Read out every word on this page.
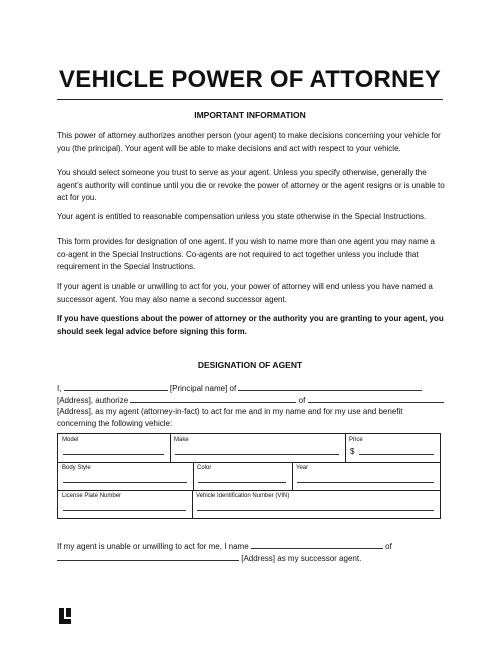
VEHICLE POWER OF ATTORNEY
IMPORTANT INFORMATION

This power of attorney authorizes another person (your agent) to make decisions concerning your vehicle for you (the principal). Your agent will be able to make decisions and act with respect to your vehicle.

You should select someone you trust to serve as your agent. Unless you specify otherwise, generally the agent’s authority will continue until you die or revoke the power of attorney or the agent resigns or is unable to act for you.

Your agent is entitled to reasonable compensation unless you state otherwise in the Special Instructions.

This form provides for designation of one agent. If you wish to name more than one agent you may name a co-agent in the Special Instructions. Co-agents are not required to act together unless you include that requirement in the Special Instructions.

If your agent is unable or unwilling to act for you, your power of attorney will end unless you have named a successor agent. You may also name a second successor agent.

If you have questions about the power of attorney or the authority you are granting to your agent, you should seek legal advice before signing this form.

DESIGNATION OF AGENT
I,	[Principal name] of
[Address], authorize	of
[Address], as my agent (attorney-in-fact) to act for me and in my name and for my use and benefit
concerning the following vehicle:
Model	Make	Price
$
Body Style	Color	Year
License Plate Number	Vehicle Identification Number (VIN)
If my agent is unable or unwilling to act for me, I name	of
[Address] as my successor agent.
